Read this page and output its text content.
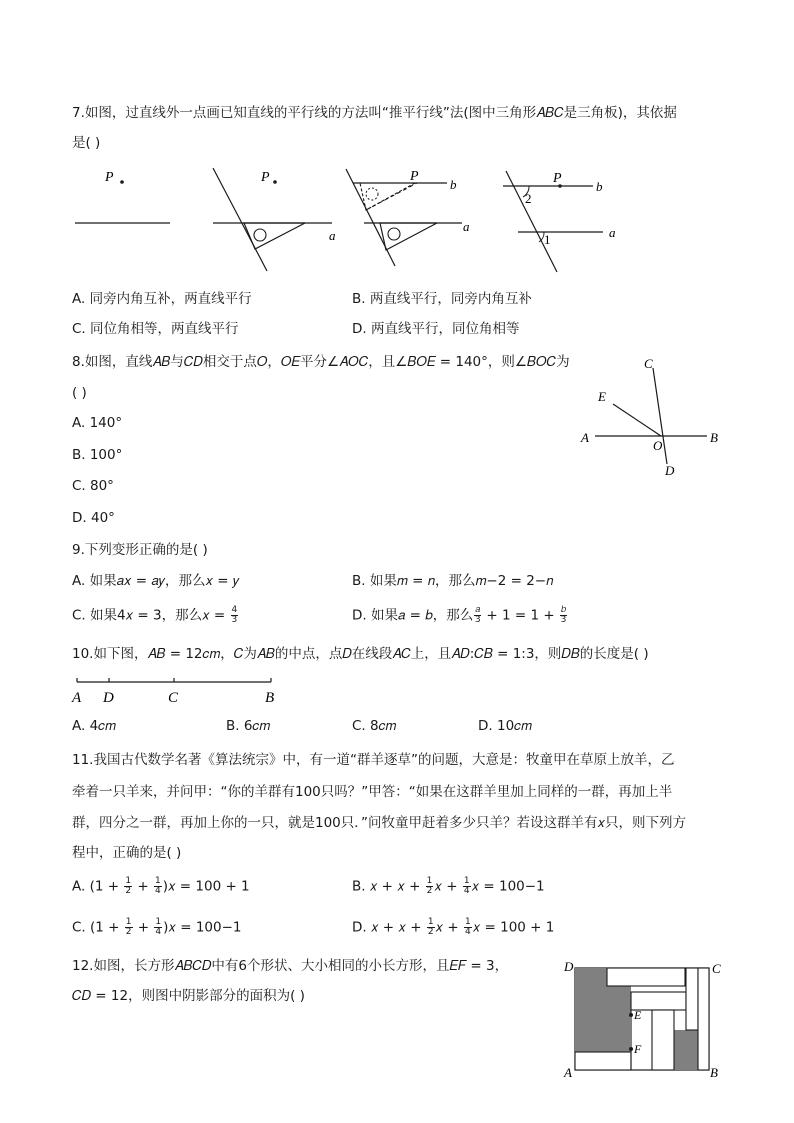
7.如图，过直线外一点画已知直线的平行线的方法叫“推平行线”法(图中三角形𝐴𝐵𝐶是三角板)，其依据
是( )
P	P
a
P
b
a
P
b
a
2
1
A. 同旁内角互补，两直线平行	B. 两直线平行，同旁内角互补
C. 同位角相等，两直线平行	D. 两直线平行，同位角相等
8.如图，直线𝐴𝐵与𝐶𝐷相交于点𝑂，𝑂𝐸平分∠𝐴𝑂𝐶，且∠𝐵𝑂𝐸 = 140°，则∠𝐵𝑂𝐶为
( )
A. 140°
B. 100°
C. 80°
D. 40°
A	B
C
D
E
O
9.下列变形正确的是( )
A. 如果𝑎𝑥 = 𝑎𝑦，那么𝑥 = 𝑦	B. 如果𝑚 = 𝑛，那么𝑚−2 = 2−𝑛
C. 如果4𝑥 = 3，那么𝑥 = $\frac{4}{3}$	D. 如果𝑎 = 𝑏，那么 $\frac{\text{𝑎}}{3} + 1 = 1 + \frac{\text{𝑏}}{3}$
10.如下图，𝐴𝐵 = 12𝑐𝑚，𝐶为𝐴𝐵的中点，点𝐷在线段𝐴𝐶上，且𝐴𝐷:𝐶𝐵 = 1:3，则𝐷𝐵的长度是( )
A D	C	B
A. 4𝑐𝑚	B. 6𝑐𝑚	C. 8𝑐𝑚	D. 10𝑐𝑚
11.我国古代数学名著《算法统宗》中，有一道“群羊逐草”的问题，大意是：牧童甲在草原上放羊，乙
牵着一只羊来，并问甲：“你的羊群有100只吗？”甲答：“如果在这群羊里加上同样的一群，再加上半
群，四分之一群，再加上你的一只，就是100只．”问牧童甲赶着多少只羊？若设这群羊有𝑥只，则下列方
程中，正确的是( )
A. ($1 + \frac{1}{2} + \frac{1}{4}$ )𝑥 = 100 + 1	B. 𝑥 + 𝑥 + $\frac{1}{2}$ 𝑥 + $\frac{1}{4}$ 𝑥 = 100−1
C. ($1 + \frac{1}{2} + \frac{1}{4}$ )𝑥 = 100−1	D. 𝑥 + 𝑥 + $\frac{1}{2}$ 𝑥 + $\frac{1}{4}$ 𝑥 = 100 + 1
12.如图，长方形𝐴𝐵𝐶𝐷中有6个形状、大小相同的小长方形，且𝐸𝐹 = 3，
𝐶𝐷 = 12，则图中阴影部分的面积为( )
E
F
D	C
A	B
